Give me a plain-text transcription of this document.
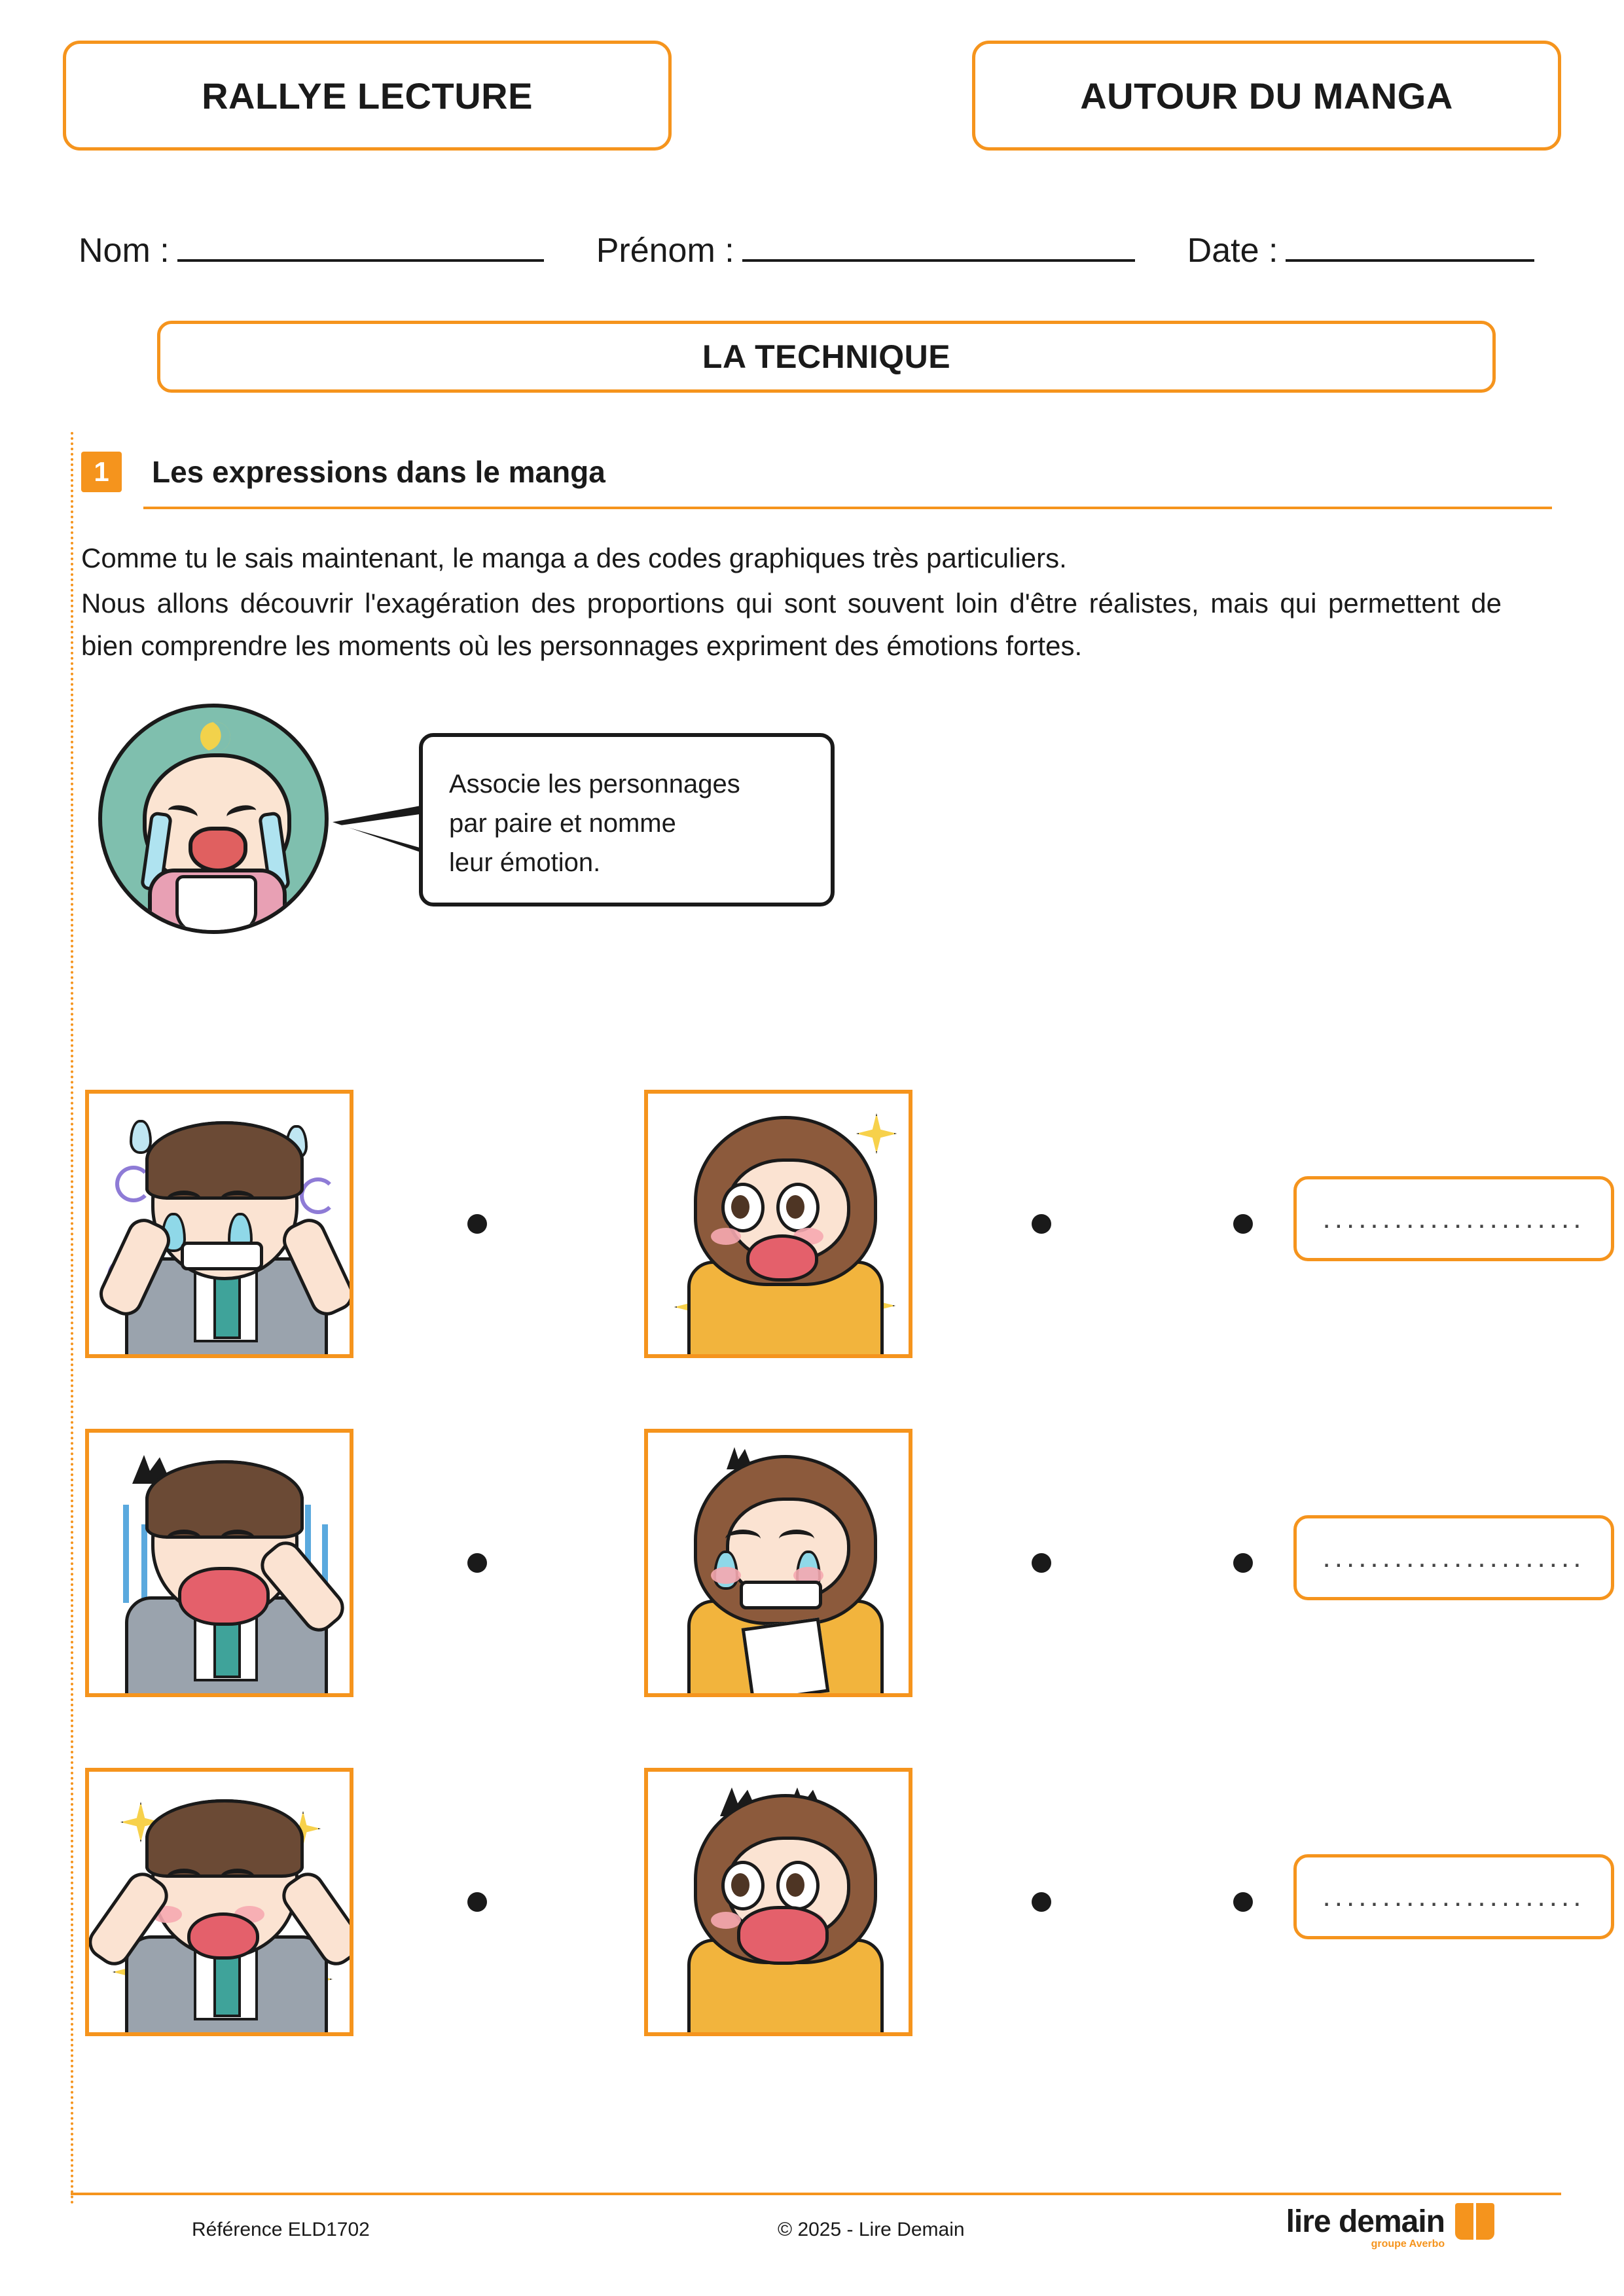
RALLYE LECTURE	AUTOUR DU MANGA
Nom :	Prénom :	Date :
LA TECHNIQUE
1	Les expressions dans le manga

Comme tu le sais maintenant, le manga a des codes graphiques très particuliers.

Nous allons découvrir l'exagération des proportions qui sont souvent loin d'être réalistes, mais qui permettent de bien comprendre les moments où les personnages expriment des émotions fortes.

Associe les personnages
par paire et nomme
leur émotion.
......................
......................
......................
Référence ELD1702	© 2025 - Lire Demain	lire demain
groupe Averbo
